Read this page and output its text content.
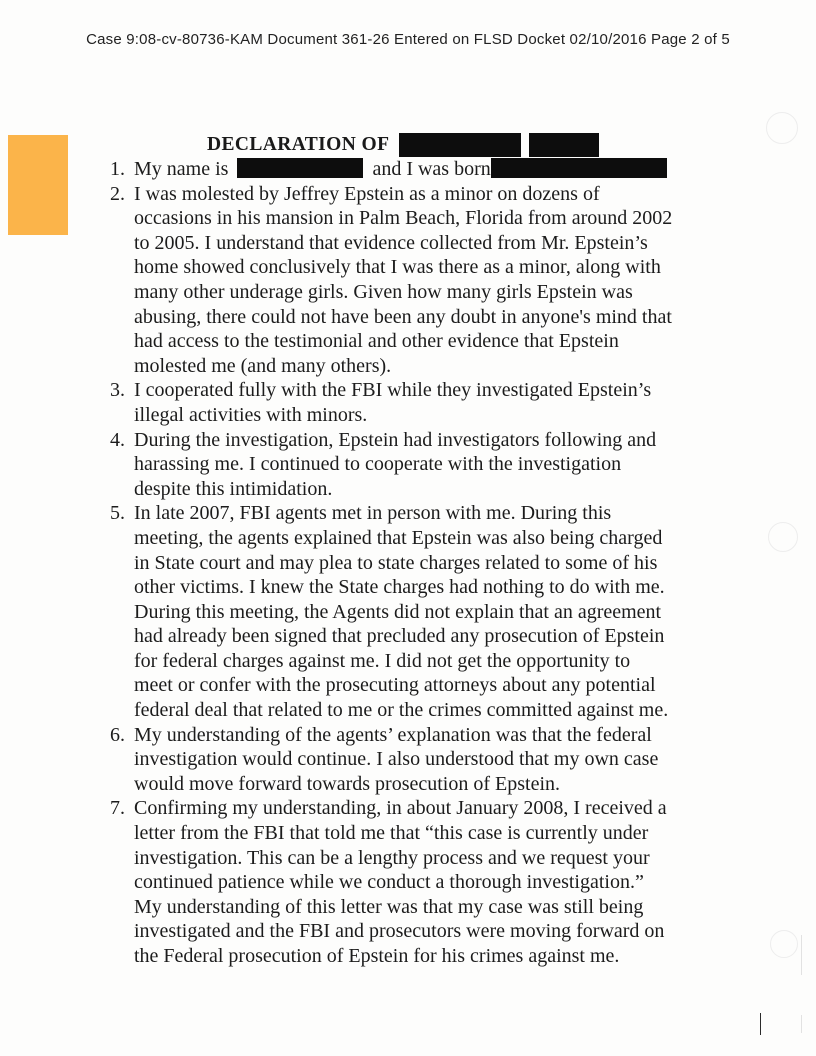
Case 9:08-cv-80736-KAM Document 361-26 Entered on FLSD Docket 02/10/2016 Page 2 of 5
DECLARATION OF
1. My name is	and I was born
2. I was molested by Jeffrey Epstein as a minor on dozens of
occasions in his mansion in Palm Beach, Florida from around 2002
to 2005. I understand that evidence collected from Mr. Epstein’s
home showed conclusively that I was there as a minor, along with
many other underage girls. Given how many girls Epstein was
abusing, there could not have been any doubt in anyone's mind that
had access to the testimonial and other evidence that Epstein
molested me (and many others).
3. I cooperated fully with the FBI while they investigated Epstein’s
illegal activities with minors.
4. During the investigation, Epstein had investigators following and
harassing me. I continued to cooperate with the investigation
despite this intimidation.
5. In late 2007, FBI agents met in person with me. During this
meeting, the agents explained that Epstein was also being charged
in State court and may plea to state charges related to some of his
other victims. I knew the State charges had nothing to do with me.
During this meeting, the Agents did not explain that an agreement
had already been signed that precluded any prosecution of Epstein
for federal charges against me. I did not get the opportunity to
meet or confer with the prosecuting attorneys about any potential
federal deal that related to me or the crimes committed against me.
6. My understanding of the agents’ explanation was that the federal
investigation would continue. I also understood that my own case
would move forward towards prosecution of Epstein.
7. Confirming my understanding, in about January 2008, I received a
letter from the FBI that told me that “this case is currently under
investigation. This can be a lengthy process and we request your
continued patience while we conduct a thorough investigation.”
My understanding of this letter was that my case was still being
investigated and the FBI and prosecutors were moving forward on
the Federal prosecution of Epstein for his crimes against me.
